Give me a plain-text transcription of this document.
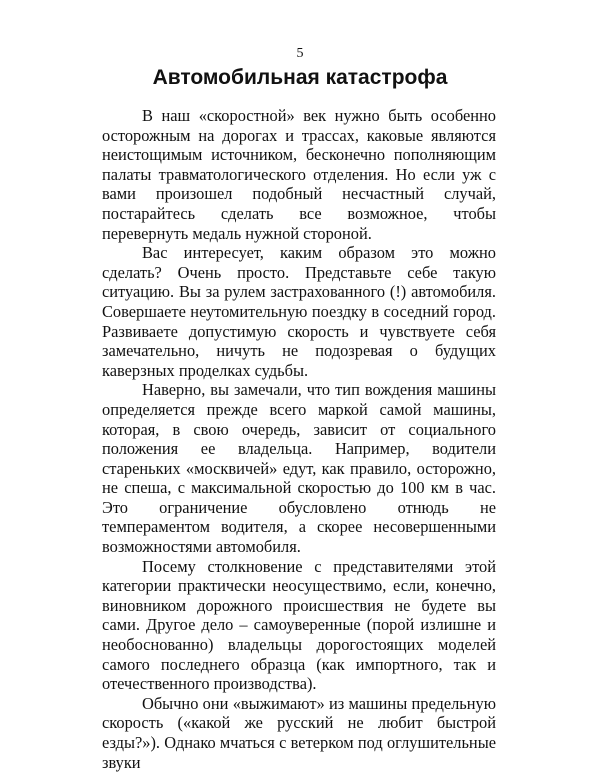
5
Автомобильная катастрофа

В наш «скоростной» век нужно быть особенно осторожным на дорогах и трассах, каковые являются неистощимым источником, бесконечно пополняющим палаты травматологического отделения. Но если уж с вами произошел подобный несчастный случай, постарайтесь сделать все возможное, чтобы перевернуть медаль нужной стороной.

Вас интересует, каким образом это можно сделать? Очень просто. Представьте себе такую ситуацию. Вы за рулем застрахованного (!) автомобиля. Совершаете неутомительную поездку в соседний город. Развиваете допустимую скорость и чувствуете себя замечательно, ничуть не подозревая о будущих каверзных проделках судьбы.

Наверно, вы замечали, что тип вождения машины определяется прежде всего маркой самой машины, которая, в свою очередь, зависит от социального положения ее владельца. Например, водители стареньких «москвичей» едут, как правило, осторожно, не спеша, с максимальной скоростью до 100 км в час. Это ограничение обусловлено отнюдь не темпераментом водителя, а скорее несовершенными возможностями автомобиля.

Посему столкновение с представителями этой категории практически неосуществимо, если, конечно, виновником дорожного происшествия не будете вы сами. Другое дело – самоуверенные (порой излишне и необоснованно) владельцы дорогостоящих моделей самого последнего образца (как импортного, так и отечественного производства).

Обычно они «выжимают» из машины предельную скорость («какой же русский не любит быстрой езды?»). Однако мчаться с ветерком под оглушительные звуки
